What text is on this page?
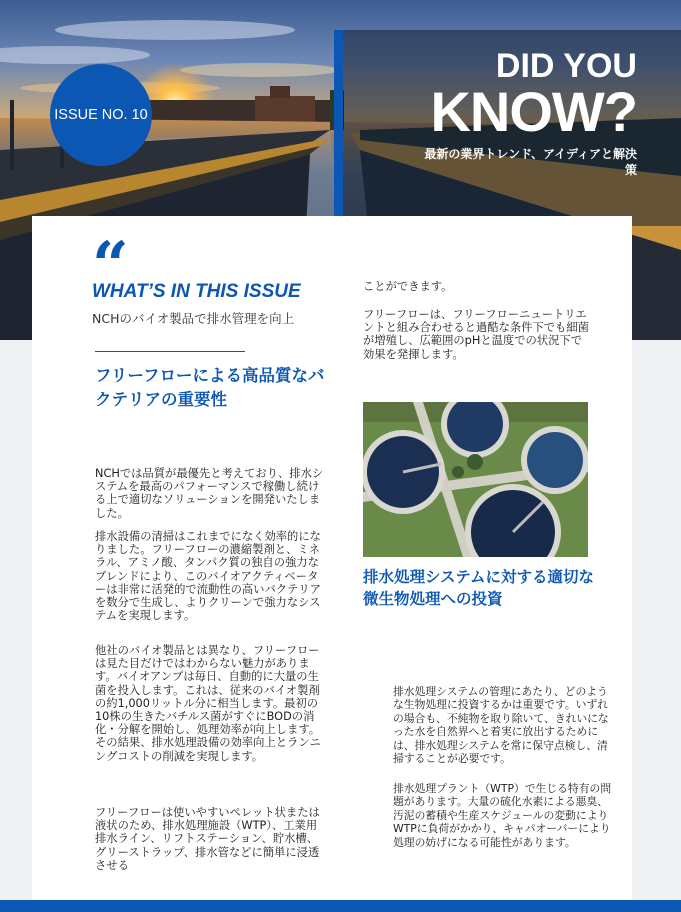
DID YOU
KNOW?
最新の業界トレンド、アイディアと解決策
ISSUE NO. 10
“
WHAT’S IN THIS ISSUE
NCHのバイオ製品で排水管理を向上
フリーフローによる高品質なバクテリアの重要性
NCHでは品質が最優先と考えており、排水システムを最高のパフォーマンスで稼働し続ける上で適切なソリューションを開発いたしました。
排水設備の清掃はこれまでになく効率的になりました。フリーフローの濃縮製剤と、ミネラル、アミノ酸、タンパク質の独自の強力なブレンドにより、このバイオアクティベーターは非常に活発的で流動性の高いバクテリアを数分で生成し、よりクリーンで強力なシステムを実現します。
他社のバイオ製品とは異なり、フリーフローは見た目だけではわからない魅力があります。バイオアンプは毎日、自動的に大量の生菌を投入します。これは、従来のバイオ製剤の約1,000リットル分に相当します。最初の10株の生きたバチルス菌がすぐにBODの消化・分解を開始し、処理効率が向上します。その結果、排水処理設備の効率向上とランニングコストの削減を実現します。
フリーフローは使いやすいペレット状または液状のため、排水処理施設（WTP）、工業用排水ライン、リフトステーション、貯水槽、グリーストラップ、排水管などに簡単に浸透させる
ことができます。
フリーフローは、フリーフローニュートリエントと組み合わせると過酷な条件下でも細菌が増殖し、広範囲のpHと温度での状況下で効果を発揮します。
排水処理システムに対する適切な微生物処理への投資
排水処理システムの管理にあたり、どのような生物処理に投資するかは重要です。いずれの場合も、不純物を取り除いて、きれいになった水を自然界へと着実に放出するためには、排水処理システムを常に保守点検し、清掃することが必要です。
排水処理プラント（WTP）で生じる特有の問題があります。大量の硫化水素による悪臭、汚泥の蓄積や生産スケジュールの変動によりWTPに負荷がかかり、キャパオーバーにより処理の妨げになる可能性があります。
